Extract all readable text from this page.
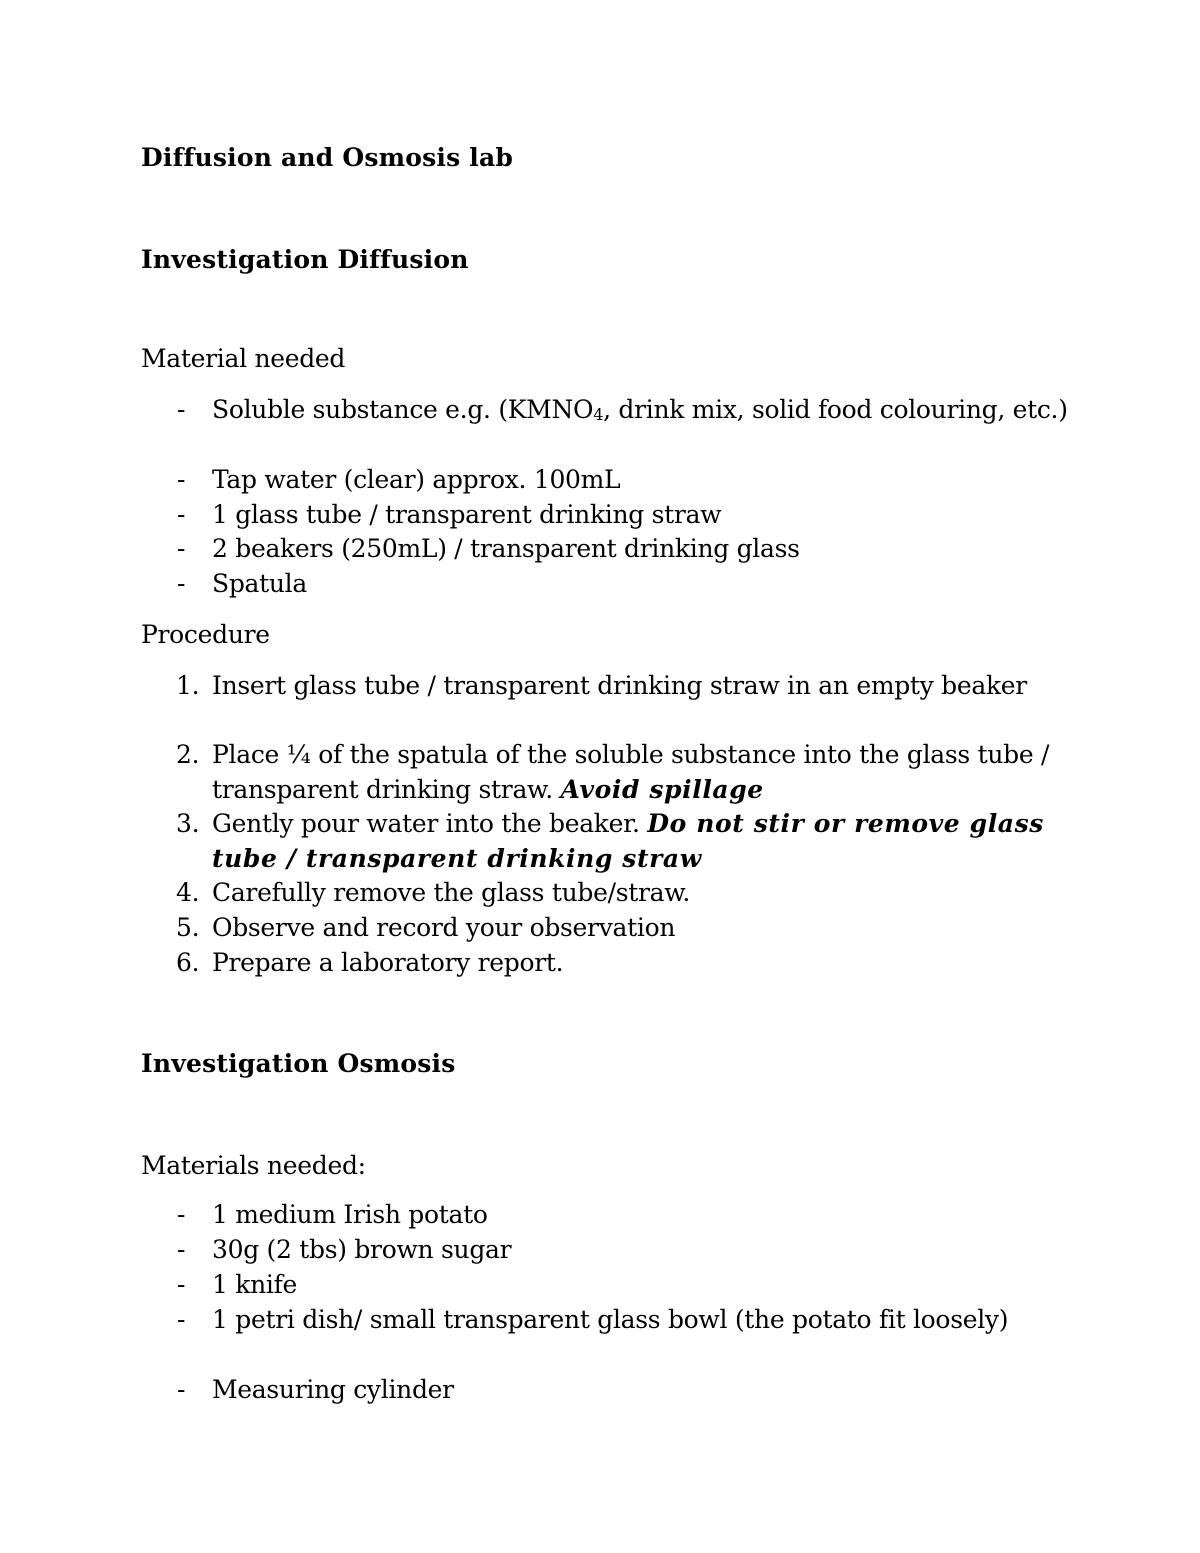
Diffusion and Osmosis lab
Investigation Diffusion
Material needed
- Soluble substance e.g. ($KMNO_4$, drink mix, solid food colouring, etc.)
- Tap water (clear) approx. 100mL
- 1 glass tube / transparent drinking straw
- 2 beakers (250mL) / transparent drinking glass
- Spatula
Procedure
1. Insert glass tube / transparent drinking straw in an empty beaker
2. Place ¼ of the spatula of the soluble substance into the glass tube / transparent drinking straw. Avoid spillage
3. Gently pour water into the beaker. Do not stir or remove glass tube / transparent drinking straw
4. Carefully remove the glass tube/straw.
5. Observe and record your observation
6. Prepare a laboratory report.
Investigation Osmosis
Materials needed:
- 1 medium Irish potato
- 30g (2 tbs) brown sugar
- 1 knife
- 1 petri dish/ small transparent glass bowl (the potato fit loosely)
- Measuring cylinder
